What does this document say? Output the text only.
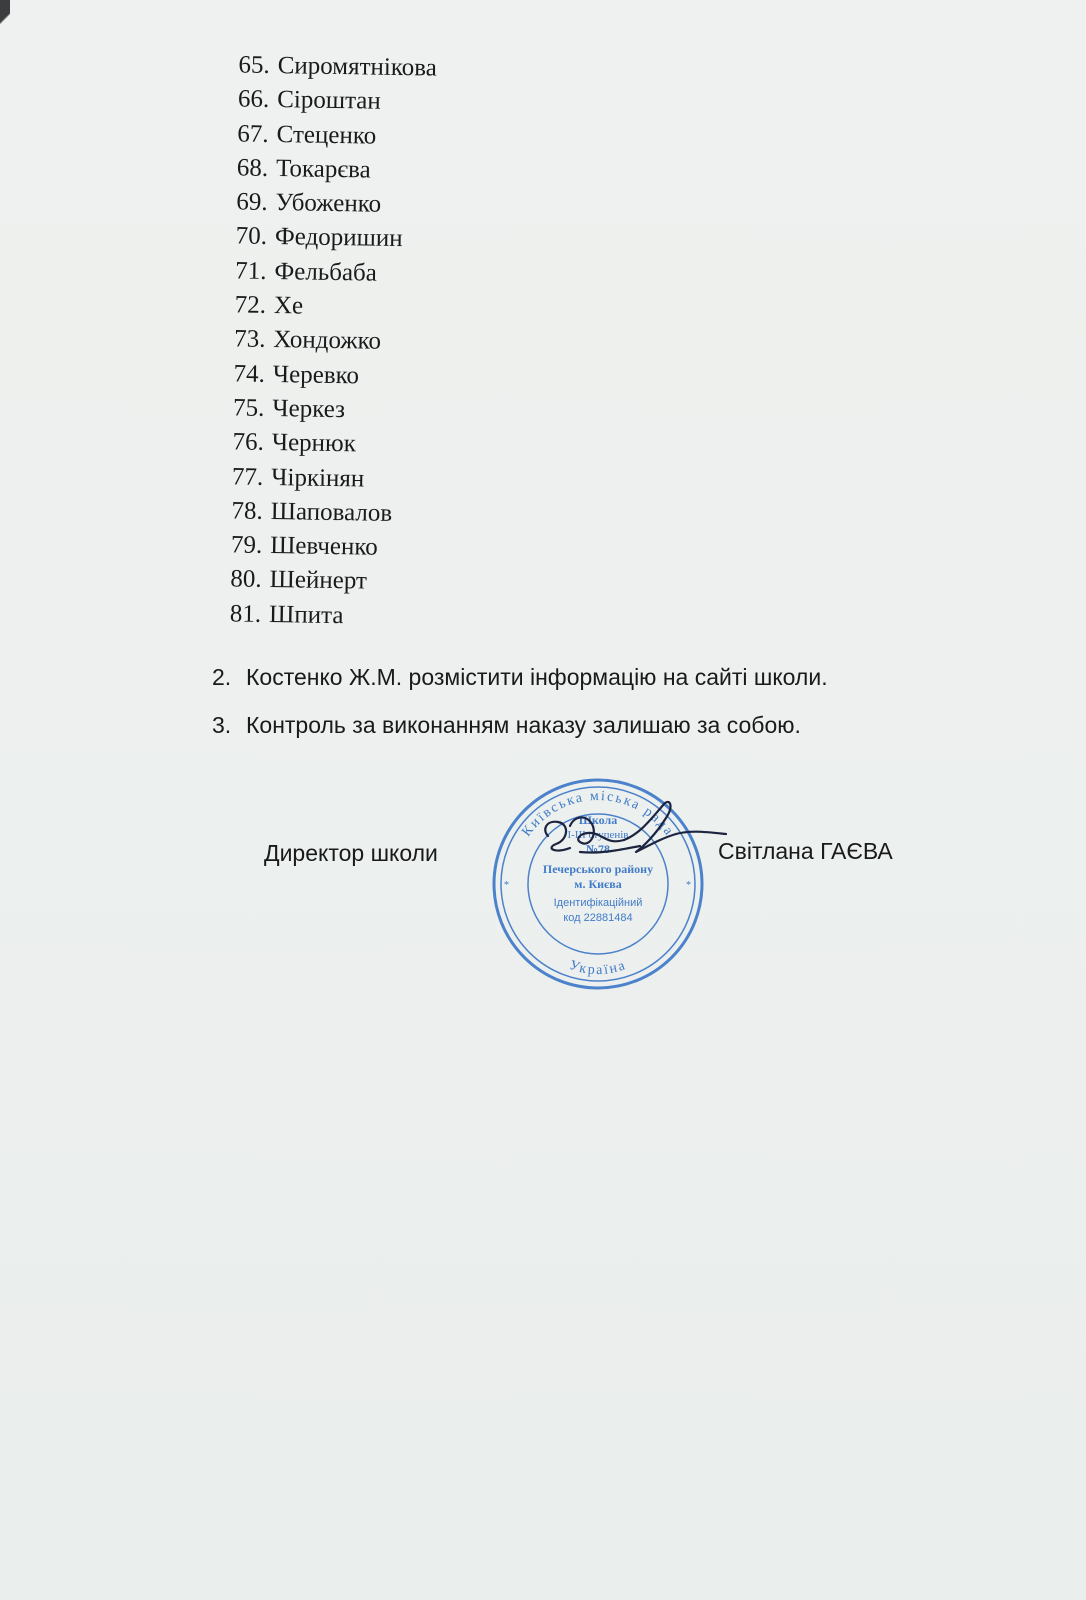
65. Сиромятнікова
66. Сіроштан
67. Стеценко
68. Токарєва
69. Убоженко
70. Федоришин
71. Фельбаба
72. Хе
73. Хондожко
74. Черевко
75. Черкез
76. Чернюк
77. Чіркінян
78. Шаповалов
79. Шевченко
80. Шейнерт
81. Шпита
2. Костенко Ж.М. розмістити інформацію на сайті школи.
3. Контроль за виконанням наказу залишаю за собою.
Директор школи	Світлана ГАЄВА
Київська міська рада
Україна
*	*
Школа
І-ІІІ ступенів
№78
Печерського району
м. Києва
Ідентифікаційний
код 22881484
